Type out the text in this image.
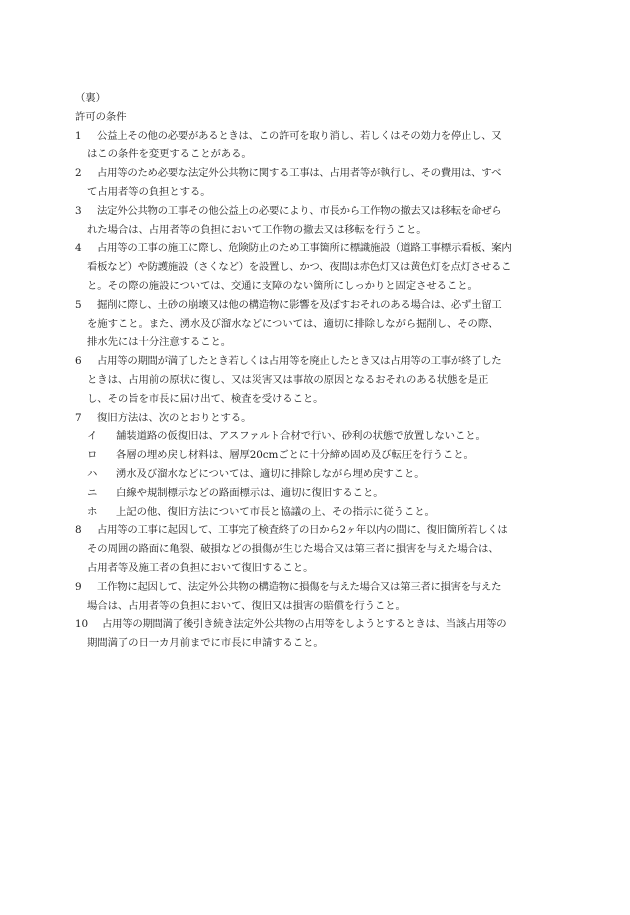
（裏）
許可の条件
1 公益上その他の必要があるときは、この許可を取り消し、若しくはその効力を停止し、又
はこの条件を変更することがある。
2 占用等のため必要な法定外公共物に関する工事は、占用者等が執行し、その費用は、すべ
て占用者等の負担とする。
3 法定外公共物の工事その他公益上の必要により、市長から工作物の撤去又は移転を命ぜら
れた場合は、占用者等の負担において工作物の撤去又は移転を行うこと。
4 占用等の工事の施工に際し、危険防止のため工事箇所に標識施設（道路工事標示看板、案内
看板など）や防護施設（さくなど）を設置し、かつ、夜間は赤色灯又は黄色灯を点灯させるこ
と。その際の施設については、交通に支障のない箇所にしっかりと固定させること。
5 掘削に際し、土砂の崩壊又は他の構造物に影響を及ぼすおそれのある場合は、必ず土留工
を施すこと。また、湧水及び溜水などについては、適切に排除しながら掘削し、その際、
排水先には十分注意すること。
6 占用等の期間が満了したとき若しくは占用等を廃止したとき又は占用等の工事が終了した
ときは、占用前の原状に復し、又は災害又は事故の原因となるおそれのある状態を是正
し、その旨を市長に届け出て、検査を受けること。
7 復旧方法は、次のとおりとする。
イ 舗装道路の仮復旧は、アスファルト合材で行い、砂利の状態で放置しないこと。
ロ 各層の埋め戻し材料は、層厚20cmごとに十分締め固め及び転圧を行うこと。
ハ 湧水及び溜水などについては、適切に排除しながら埋め戻すこと。
ニ 白線や規制標示などの路面標示は、適切に復旧すること。
ホ 上記の他、復旧方法について市長と協議の上、その指示に従うこと。
8 占用等の工事に起因して、工事完了検査終了の日から2ヶ年以内の間に、復旧箇所若しくは
その周囲の路面に亀裂、破損などの損傷が生じた場合又は第三者に損害を与えた場合は、
占用者等及施工者の負担において復旧すること。
9 工作物に起因して、法定外公共物の構造物に損傷を与えた場合又は第三者に損害を与えた
場合は、占用者等の負担において、復旧又は損害の賠償を行うこと。
10 占用等の期間満了後引き続き法定外公共物の占用等をしようとするときは、当該占用等の
期間満了の日一カ月前までに市長に申請すること。
